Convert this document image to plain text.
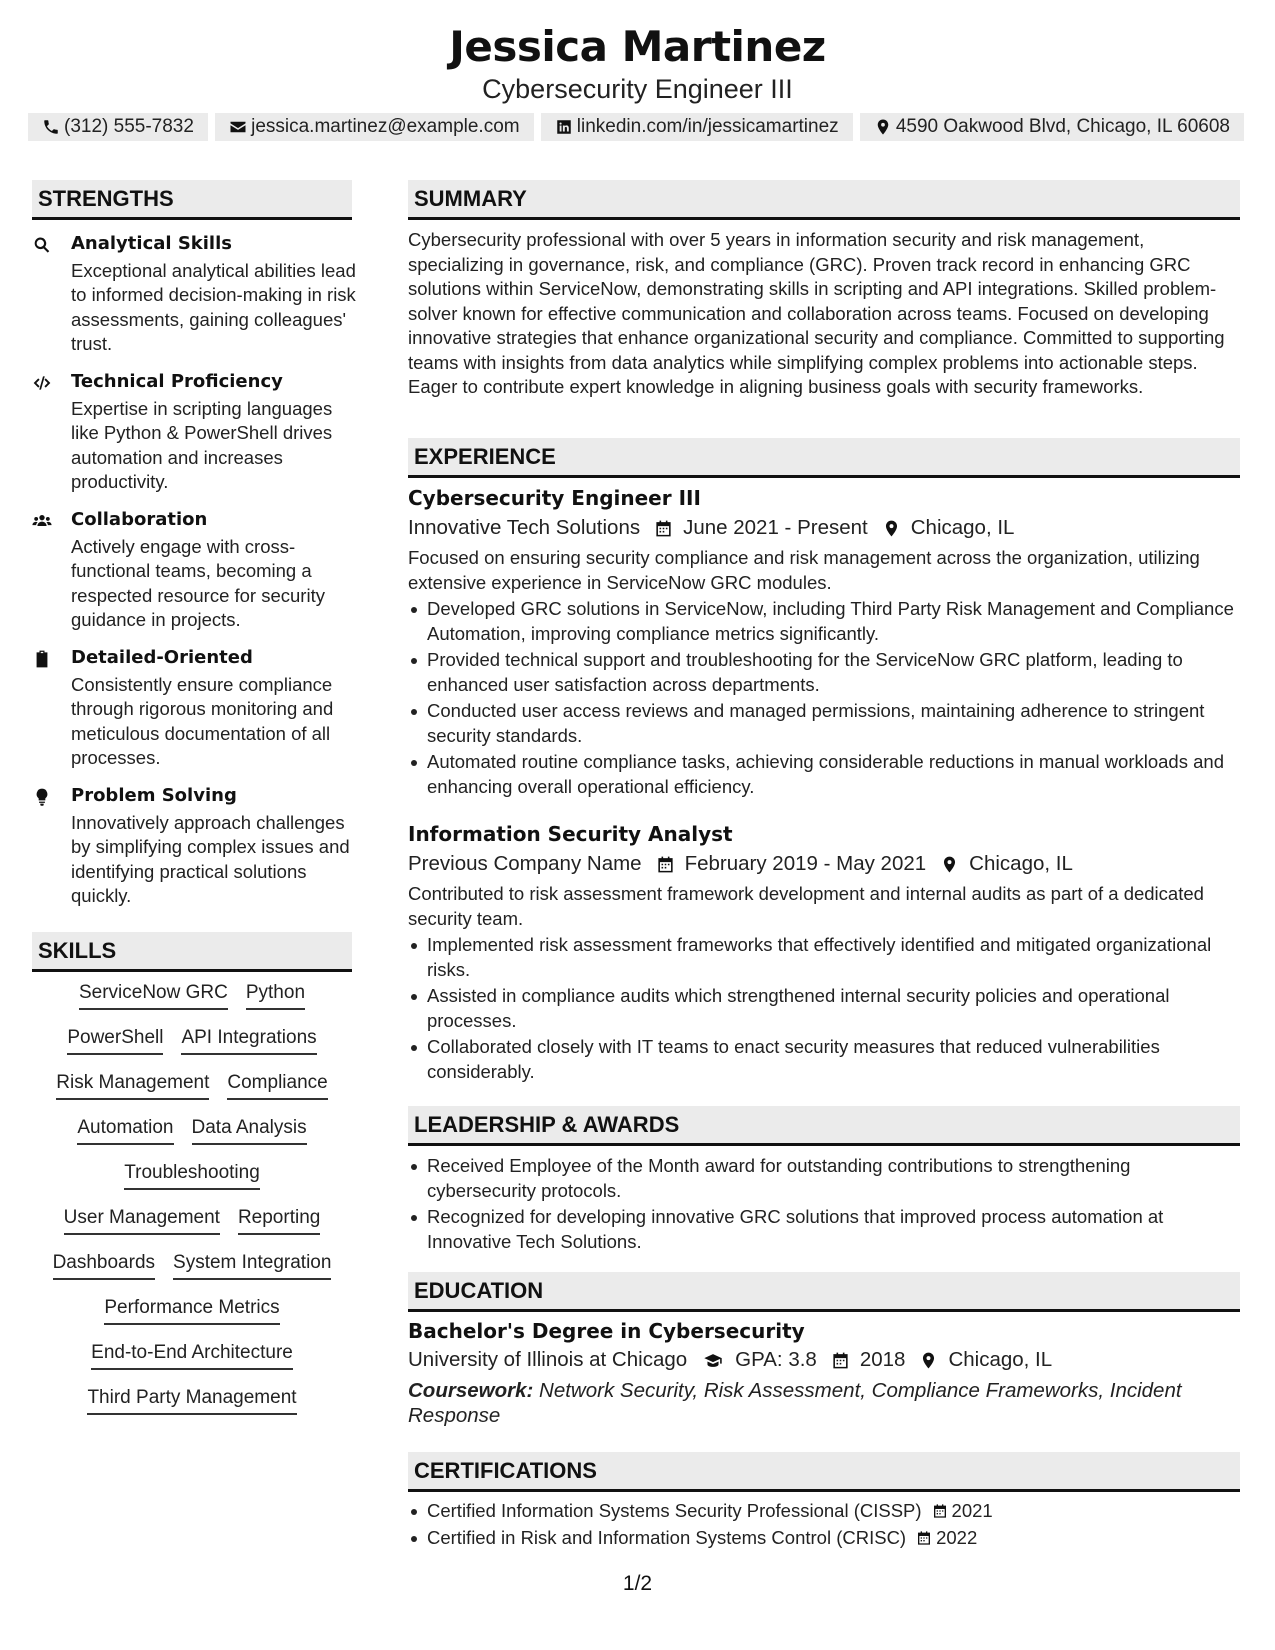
Jessica Martinez
Cybersecurity Engineer III
(312) 555-7832	jessica.martinez@example.com	linkedin.com/in/jessicamartinez	4590 Oakwood Blvd, Chicago, IL 60608
STRENGTHS
Analytical Skills
Exceptional analytical abilities lead to informed decision-making in risk assessments, gaining colleagues' trust.
Technical Proficiency
Expertise in scripting languages like Python & PowerShell drives automation and increases productivity.
Collaboration
Actively engage with cross-functional teams, becoming a respected resource for security guidance in projects.
Detailed-Oriented
Consistently ensure compliance through rigorous monitoring and meticulous documentation of all processes.
Problem Solving
Innovatively approach challenges by simplifying complex issues and identifying practical solutions quickly.
SKILLS
ServiceNow GRC Python
PowerShell API Integrations
Risk Management Compliance
Automation Data Analysis
Troubleshooting
User Management Reporting
Dashboards System Integration
Performance Metrics
End-to-End Architecture
Third Party Management
SUMMARY
Cybersecurity professional with over 5 years in information security and risk management, specializing in governance, risk, and compliance (GRC). Proven track record in enhancing GRC solutions within ServiceNow, demonstrating skills in scripting and API integrations. Skilled problem-solver known for effective communication and collaboration across teams. Focused on developing innovative strategies that enhance organizational security and compliance. Committed to supporting teams with insights from data analytics while simplifying complex problems into actionable steps. Eager to contribute expert knowledge in aligning business goals with security frameworks.
EXPERIENCE
Cybersecurity Engineer III
Innovative Tech Solutions June 2021 - Present Chicago, IL
Focused on ensuring security compliance and risk management across the organization, utilizing extensive experience in ServiceNow GRC modules.
Developed GRC solutions in ServiceNow, including Third Party Risk Management and Compliance Automation, improving compliance metrics significantly.
Provided technical support and troubleshooting for the ServiceNow GRC platform, leading to enhanced user satisfaction across departments.
Conducted user access reviews and managed permissions, maintaining adherence to stringent security standards.
Automated routine compliance tasks, achieving considerable reductions in manual workloads and enhancing overall operational efficiency.
Information Security Analyst
Previous Company Name February 2019 - May 2021 Chicago, IL
Contributed to risk assessment framework development and internal audits as part of a dedicated security team.
Implemented risk assessment frameworks that effectively identified and mitigated organizational risks.
Assisted in compliance audits which strengthened internal security policies and operational processes.
Collaborated closely with IT teams to enact security measures that reduced vulnerabilities considerably.
LEADERSHIP & AWARDS
Received Employee of the Month award for outstanding contributions to strengthening cybersecurity protocols.
Recognized for developing innovative GRC solutions that improved process automation at Innovative Tech Solutions.
EDUCATION
Bachelor's Degree in Cybersecurity
University of Illinois at Chicago GPA: 3.8 2018 Chicago, IL
Coursework: Network Security, Risk Assessment, Compliance Frameworks, Incident Response
CERTIFICATIONS
Certified Information Systems Security Professional (CISSP) 2021
Certified in Risk and Information Systems Control (CRISC) 2022
1/2
